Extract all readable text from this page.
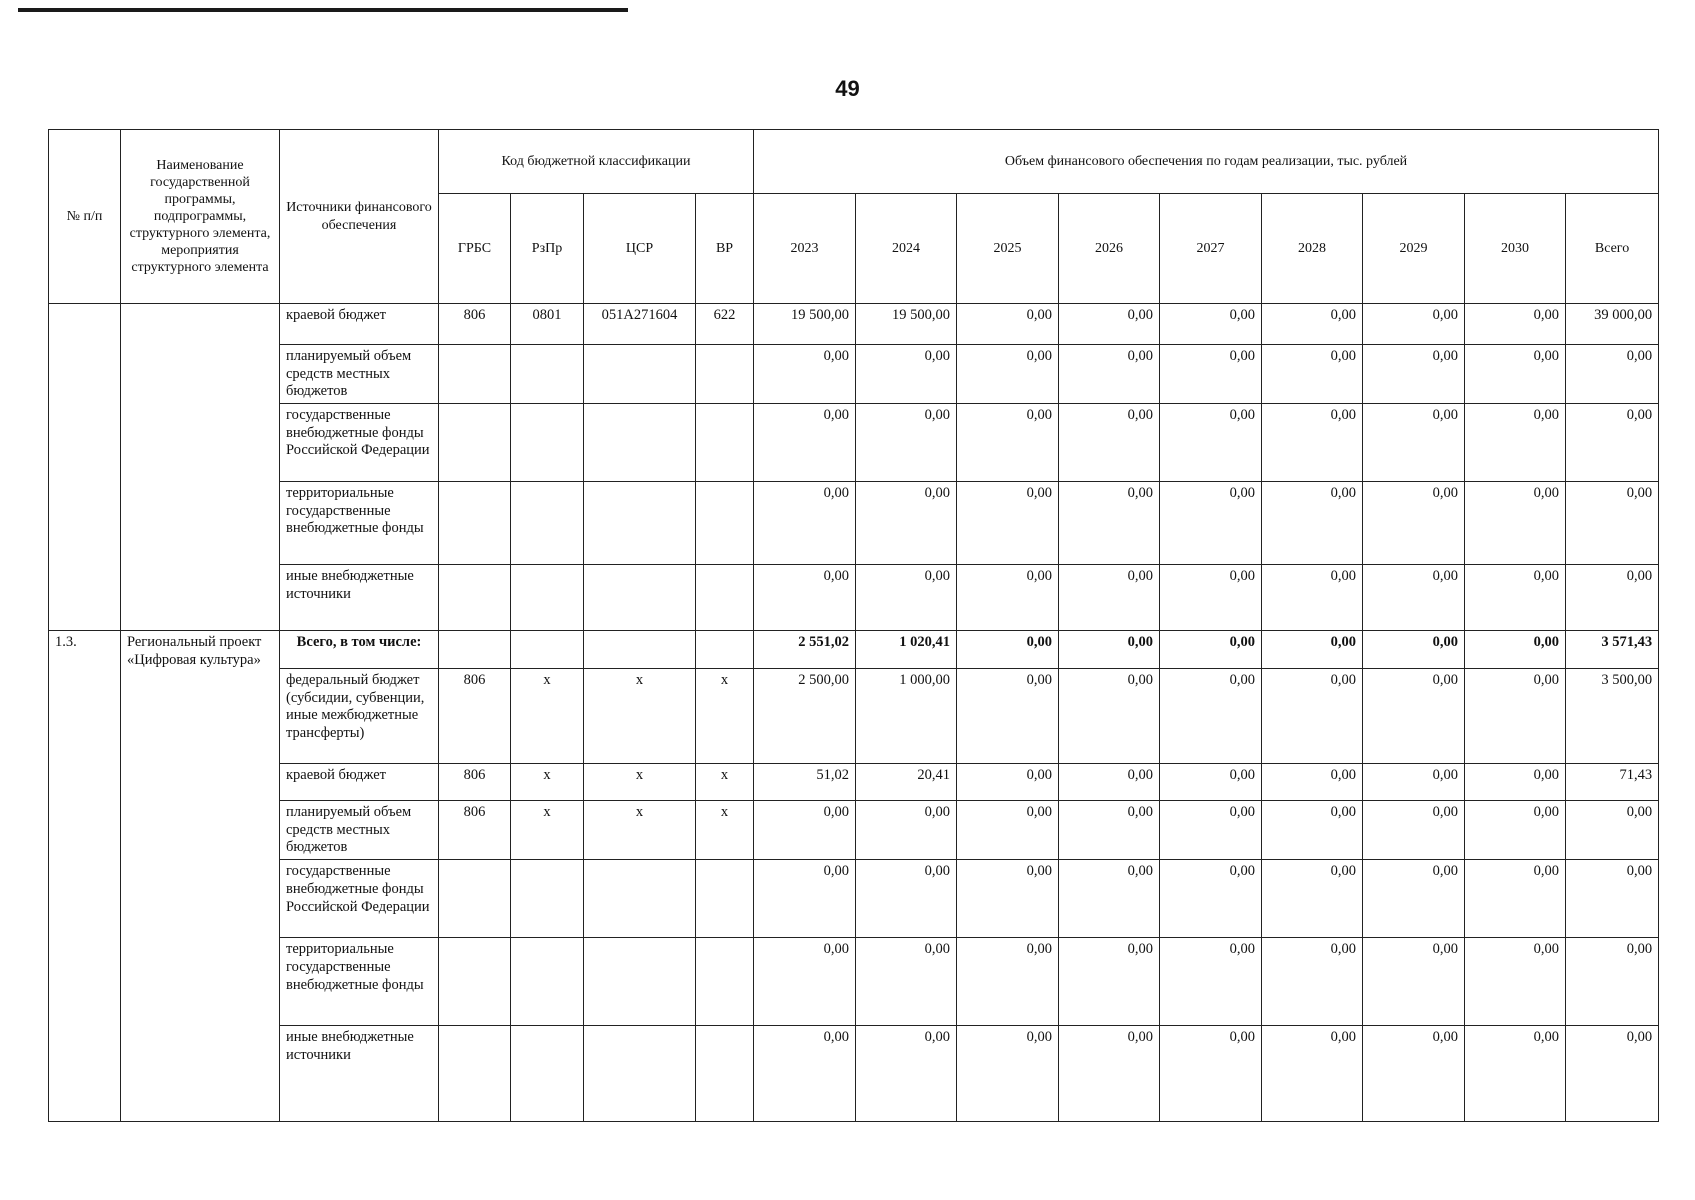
49
№ п/п	Наименование государственной программы, подпрограммы, структурного элемента, мероприятия структурного элемента	Источники финансового обеспечения	Код бюджетной классификации				Объем финансового обеспечения по годам реализации, тыс. рублей								
			ГРБС	РзПр	ЦСР	ВР	2023	2024	2025	2026	2027	2028	2029	2030	Всего
		краевой бюджет	806	0801	051А271604	622	19 500,00	19 500,00	0,00	0,00	0,00	0,00	0,00	0,00	39 000,00
		планируемый объем средств местных бюджетов					0,00	0,00	0,00	0,00	0,00	0,00	0,00	0,00	0,00
		государственные внебюджетные фонды Российской Федерации					0,00	0,00	0,00	0,00	0,00	0,00	0,00	0,00	0,00
		территориальные государственные внебюджетные фонды					0,00	0,00	0,00	0,00	0,00	0,00	0,00	0,00	0,00
		иные внебюджетные источники					0,00	0,00	0,00	0,00	0,00	0,00	0,00	0,00	0,00
1.3.	Региональный проект «Цифровая культура»	Всего, в том числе:					2 551,02	1 020,41	0,00	0,00	0,00	0,00	0,00	0,00	3 571,43
		федеральный бюджет (субсидии, субвенции, иные межбюджетные трансферты)	806	x	x	x	2 500,00	1 000,00	0,00	0,00	0,00	0,00	0,00	0,00	3 500,00
		краевой бюджет	806	x	x	x	51,02	20,41	0,00	0,00	0,00	0,00	0,00	0,00	71,43
		планируемый объем средств местных бюджетов	806	x	x	x	0,00	0,00	0,00	0,00	0,00	0,00	0,00	0,00	0,00
		государственные внебюджетные фонды Российской Федерации					0,00	0,00	0,00	0,00	0,00	0,00	0,00	0,00	0,00
		территориальные государственные внебюджетные фонды					0,00	0,00	0,00	0,00	0,00	0,00	0,00	0,00	0,00
		иные внебюджетные источники					0,00	0,00	0,00	0,00	0,00	0,00	0,00	0,00	0,00
